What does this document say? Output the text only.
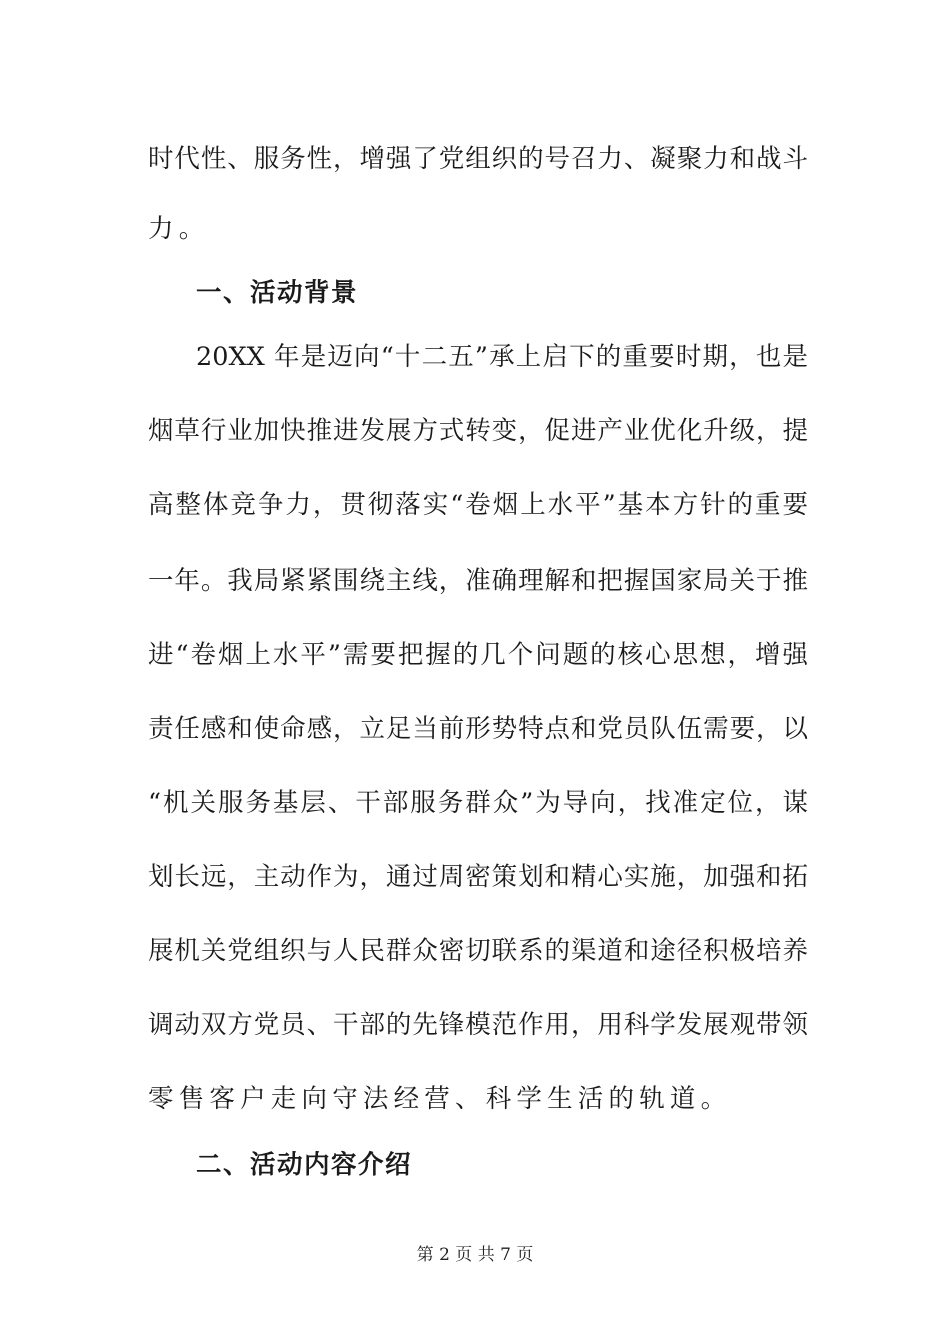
时代性、服务性，增强了党组织的号召力、凝聚力和战斗
力。
一、活动背景
20XX 年是迈向“十二五”承上启下的重要时期，也是
烟草行业加快推进发展方式转变，促进产业优化升级，提
高整体竞争力，贯彻落实“卷烟上水平”基本方针的重要
一年。我局紧紧围绕主线，准确理解和把握国家局关于推
进“卷烟上水平”需要把握的几个问题的核心思想，增强
责任感和使命感，立足当前形势特点和党员队伍需要，以
“机关服务基层、干部服务群众”为导向，找准定位，谋
划长远，主动作为，通过周密策划和精心实施，加强和拓
展机关党组织与人民群众密切联系的渠道和途径积极培养
调动双方党员、干部的先锋模范作用，用科学发展观带领
零售客户走向守法经营、科学生活的轨道。
二、活动内容介绍
第 2 页 共 7 页
